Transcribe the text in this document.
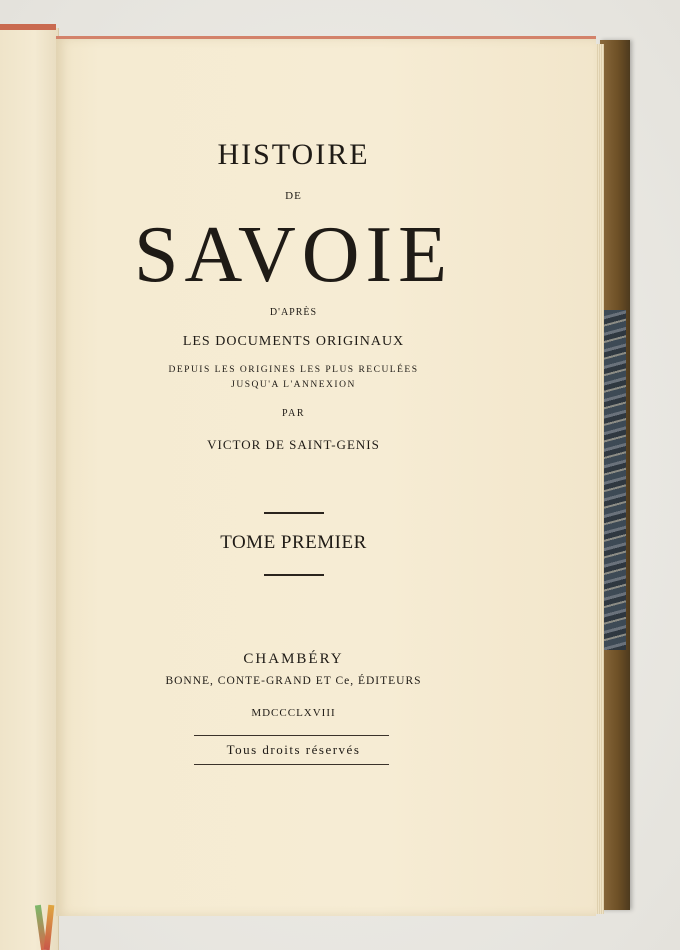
HISTOIRE

DE

SAVOIE

D'APRÈS

LES DOCUMENTS ORIGINAUX

DEPUIS LES ORIGINES LES PLUS RECULÉES

JUSQU'A L'ANNEXION

PAR

VICTOR DE SAINT-GENIS

TOME PREMIER

CHAMBÉRY

BONNE, CONTE-GRAND ET Ce, ÉDITEURS

MDCCCLXVIII

Tous droits réservés
